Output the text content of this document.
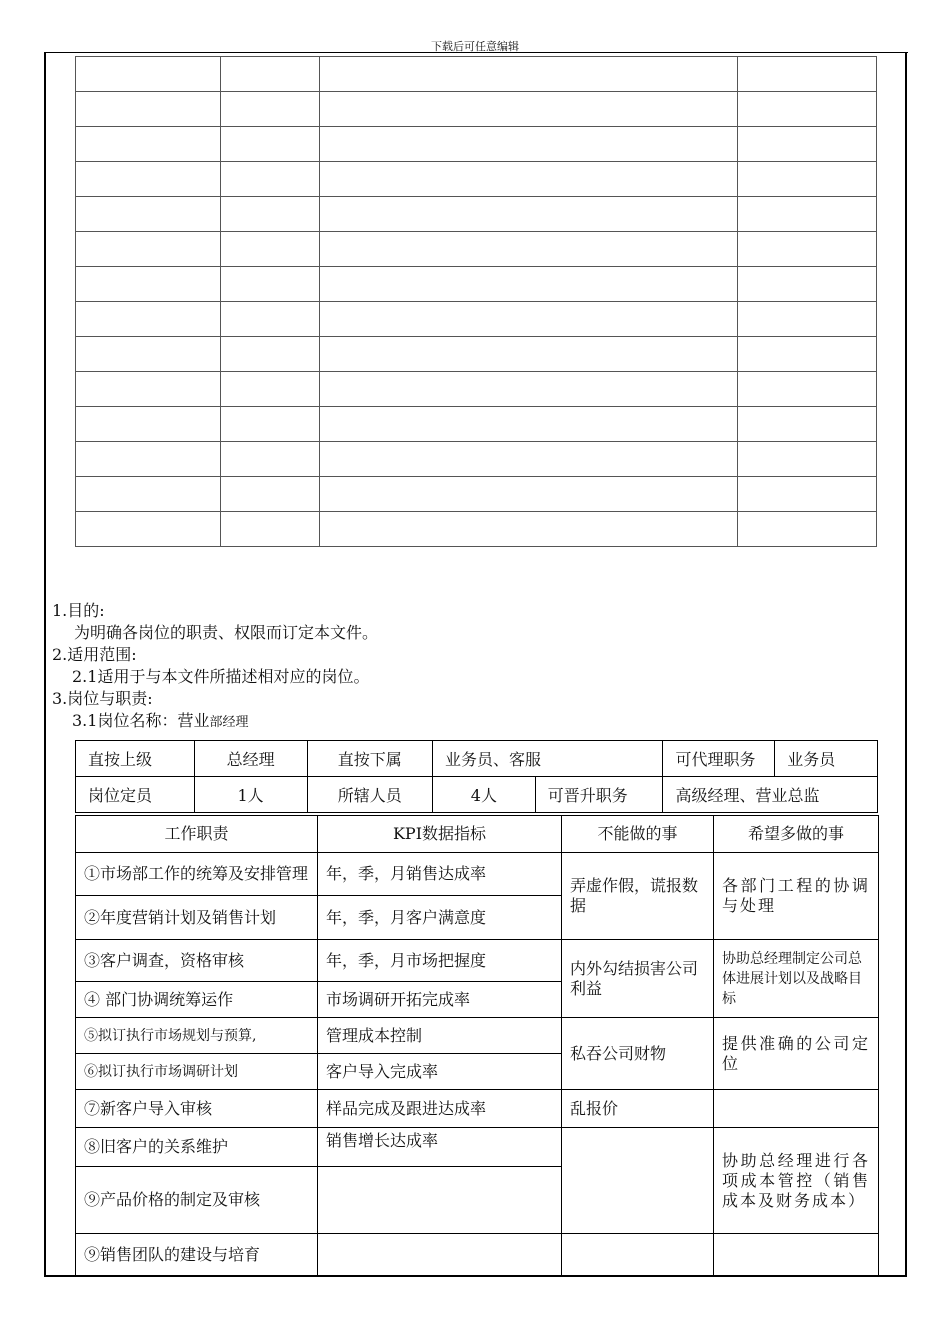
下载后可任意编辑

1.目的:
为明确各岗位的职责、权限而订定本文件。
2.适用范围:
2.1适用于与本文件所描述相对应的岗位。
3.岗位与职责:
3.1岗位名称：营业部经理
直按上级	总经理	直按下属	业务员、客服		可代理职务	业务员
岗位定员	1人	所辖人员	4人	可晋升职务	高级经理、营业总监	
工作职责	KPI数据指标	不能做的事	希望多做的事
①市场部工作的统筹及安排管理	年，季，月销售达成率	弄虚作假，谎报数据	各部门工程的协调与处理
②年度营销计划及销售计划	年，季，月客户满意度		
③客户调查，资格审核	年，季，月市场把握度	内外勾结损害公司利益	协助总经理制定公司总体进展计划以及战略目标
④ 部门协调统筹运作	市场调研开拓完成率		
⑤拟订执行市场规划与预算,	管理成本控制	私吞公司财物	提供准确的公司定位
⑥拟订执行市场调研计划	客户导入完成率		
⑦新客户导入审核	样品完成及跟进达成率	乱报价	
⑧旧客户的关系维护	销售增长达成率		协助总经理进行各项成本管控（销售成本及财务成本）
⑨产品价格的制定及审核			
⑨销售团队的建设与培育			
